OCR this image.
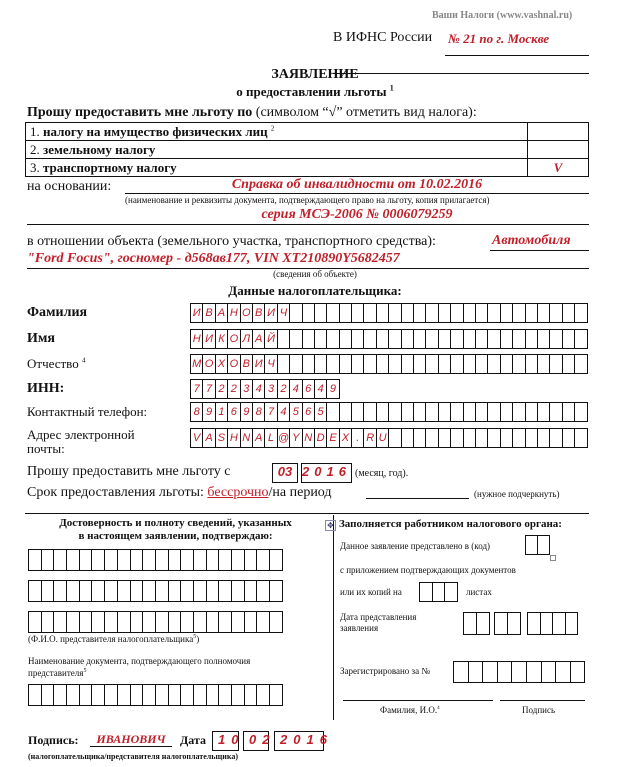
Ваши Налоги (www.vashnal.ru)
В ИФНС России № 21 по г. Москве
ЗАЯВЛЕНИЕ
о предоставлении льготы $^1$
Прошу предоставить мне льготу по (символом “√” отметить вид налога):
1. налогу на имущество физических лиц $^2$	
2. земельному налогу	
3. транспортному налогу	V
на основании:	Справка об инвалидности от 10.02.2016
(наименование и реквизиты документа, подтверждающего право на льготу, копия прилагается)
серия МСЭ-2006 № 0006079259
в отношении объекта (земельного участка, транспортного средства):	Автомобиля
"Ford Focus", госномер - д568ав177, VIN XT210890Y5682457
(сведения об объекте)
Данные налогоплательщика:
Фамилия	И В А Н О В И Ч
Имя	Н И К О Л А Й
Отчество $^4$	М О Х О В И Ч
ИНН:	7 7 2 2 3 4 3 2 4 6 4 9
Контактный телефон:	8 9 1 6 9 8 7 4 5 6 5
Адрес электронной почты:
V A S H N A L @ Y N D E X . R U
Прошу предоставить мне льготу с	03 2016 (месяц, год).
Срок предоставления льготы: бессрочно/на период	(нужное подчеркнуть)
✥
Достоверность и полноту сведений, указанных
в настоящем заявлении, подтверждаю:
(Ф.И.О. представителя налогоплательщика$^5$)
Наименование документа, подтверждающего полномочия
представителя$^5$
Заполняется работником налогового органа:
Данное заявление представлено в (код)
с приложением подтверждающих документов
или их копий на	листах
Дата представления
заявления
Зарегистрировано за №
Фамилия, И.О.$^4$	Подпись
Подпись:	ИВАНОВИЧ	Дата 10 02 2016
(налогоплательщика/представителя налогоплательщика)
